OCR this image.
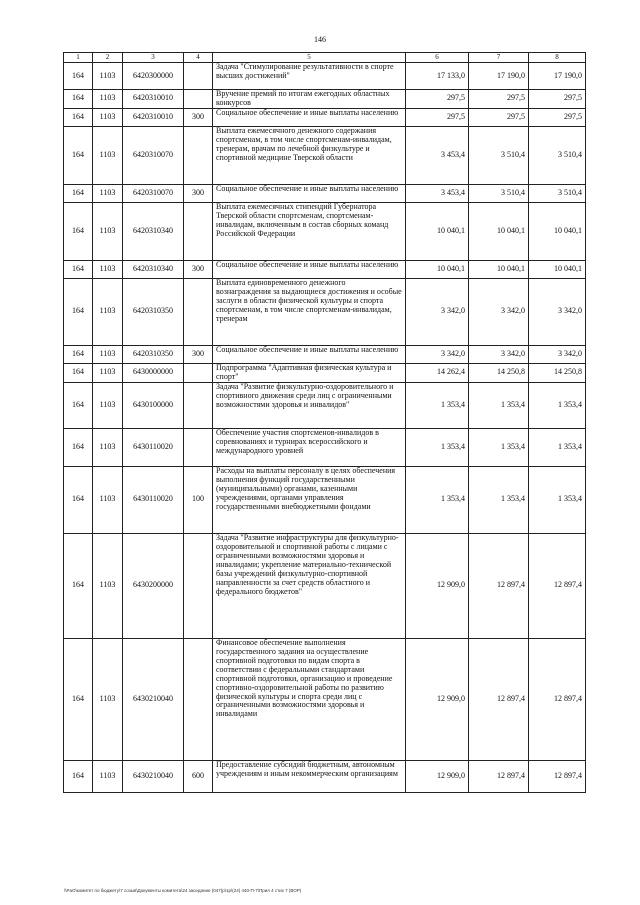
146
1	2	3	4	5	6	7	8
164	1103	6420300000		Задача "Стимулирование результативности в спорте высших достижений"	17 133,0	17 190,0	17 190,0
164	1103	6420310010		Вручение премий по итогам ежегодных областных конкурсов	297,5	297,5	297,5
164	1103	6420310010	300	Социальное обеспечение и иные выплаты населению	297,5	297,5	297,5
164	1103	6420310070		Выплата ежемесячного денежного содержания спортсменам, в том числе спортсменам-инвалидам, тренерам, врачам по лечебной физкультуре и спортивной медицине Тверской области	3 453,4	3 510,4	3 510,4
164	1103	6420310070	300	Социальное обеспечение и иные выплаты населению	3 453,4	3 510,4	3 510,4
164	1103	6420310340		Выплата ежемесячных стипендий Губернатора Тверской области спортсменам, спортсменам-инвалидам, включенным в состав сборных команд Российской Федерации	10 040,1	10 040,1	10 040,1
164	1103	6420310340	300	Социальное обеспечение и иные выплаты населению	10 040,1	10 040,1	10 040,1
164	1103	6420310350		Выплата единовременного денежного вознаграждения за выдающиеся достижения и особые заслуги в области физической культуры и спорта спортсменам, в том числе спортсменам-инвалидам, тренерам	3 342,0	3 342,0	3 342,0
164	1103	6420310350	300	Социальное обеспечение и иные выплаты населению	3 342,0	3 342,0	3 342,0
164	1103	6430000000		Подпрограмма "Адаптивная физическая культура и спорт"	14 262,4	14 250,8	14 250,8
164	1103	6430100000		Задача "Развитие физкультурно-оздоровительного и спортивного движения среди лиц с ограниченными возможностями здоровья и инвалидов"	1 353,4	1 353,4	1 353,4
164	1103	6430110020		Обеспечение участия спортсменов-инвалидов в соревнованиях и турнирах всероссийского и международного уровней	1 353,4	1 353,4	1 353,4
164	1103	6430110020	100	Расходы на выплаты персоналу в целях обеспечения выполнения функций государственными (муниципальными) органами, казенными учреждениями, органами управления государственными внебюджетными фондами	1 353,4	1 353,4	1 353,4
164	1103	6430200000		Задача "Развитие инфраструктуры для физкультурно-оздоровительной и спортивной работы с лицами с ограниченными возможностями здоровья и инвалидами; укрепление материально-технической базы учреждений физкультурно-спортивной направленности за счет средств областного и федерального бюджетов"	12 909,0	12 897,4	12 897,4
164	1103	6430210040		Финансовое обеспечение выполнения государственного задания на осуществление спортивной подготовки по видам спорта в соответствии с федеральными стандартами спортивной подготовки, организацию и проведение спортивно-оздоровительной работы по развитию физической культуры и спорта среди лиц с ограниченными возможностями здоровья и инвалидами	12 909,0	12 897,4	12 897,4
164	1103	6430210040	600	Предоставление субсидий бюджетным, автономным учреждениям и иным некоммерческим организациям	12 909,0	12 897,4	12 897,4
\\PaO\комитет по бюджету\7 созыв\Документы комитета\24 заседание (047)р\1р\(24) 440-П-7\Прил 4 стих 7 (ВОР)
